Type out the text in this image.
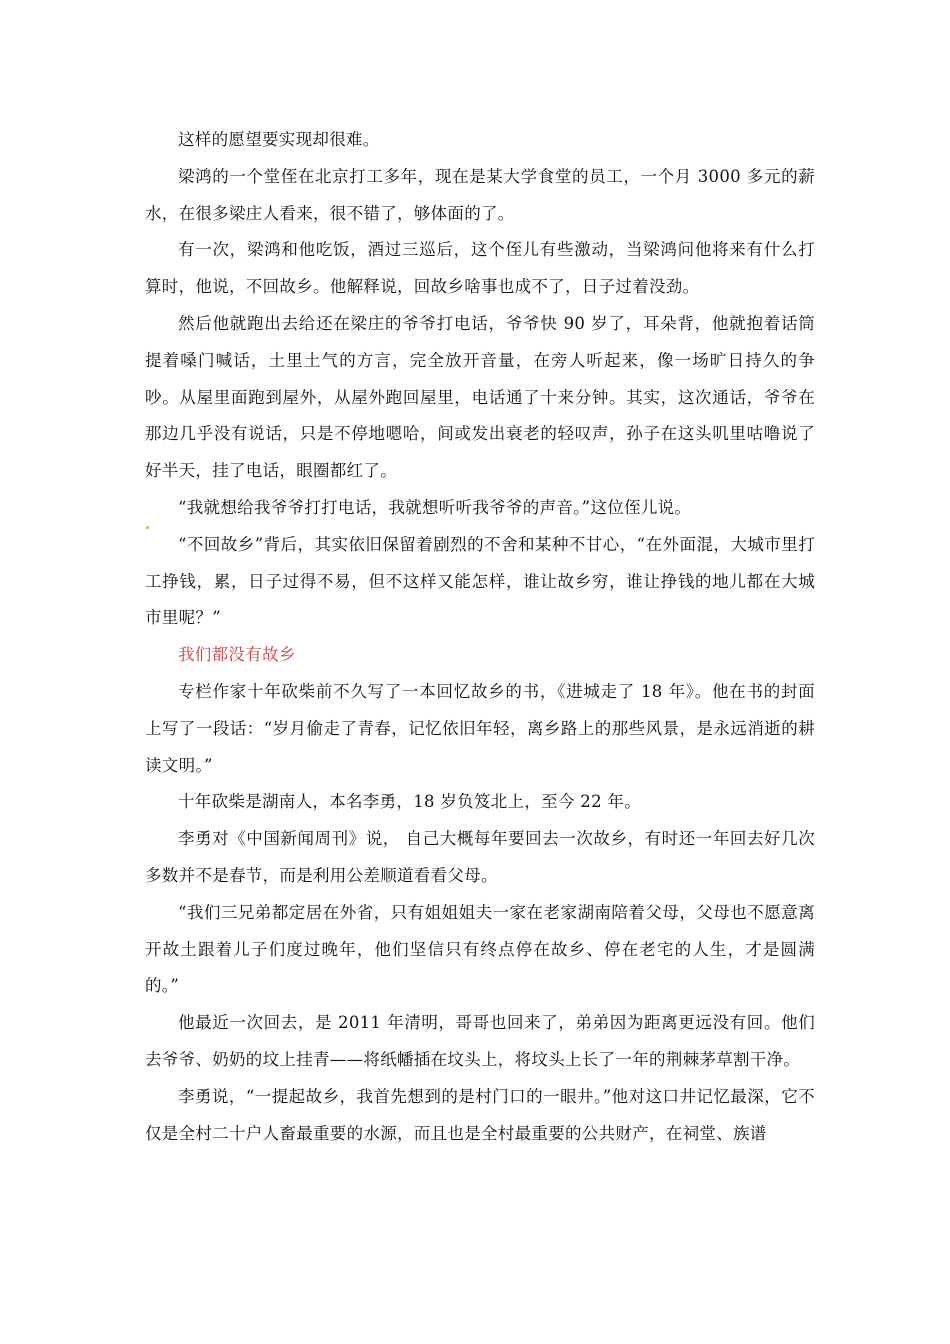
这样的愿望要实现却很难。

梁鸿的一个堂侄在北京打工多年，现在是某大学食堂的员工，一个月 3000 多元的薪水，在很多梁庄人看来，很不错了，够体面的了。

有一次，梁鸿和他吃饭，酒过三巡后，这个侄儿有些激动，当梁鸿问他将来有什么打算时，他说，不回故乡。他解释说，回故乡啥事也成不了，日子过着没劲。

然后他就跑出去给还在梁庄的爷爷打电话，爷爷快 90 岁了，耳朵背，他就抱着话筒提着嗓门喊话，土里土气的方言，完全放开音量，在旁人听起来，像一场旷日持久的争吵。从屋里面跑到屋外，从屋外跑回屋里，电话通了十来分钟。其实，这次通话，爷爷在那边几乎没有说话，只是不停地嗯哈，间或发出衰老的轻叹声，孙子在这头叽里咕噜说了好半天，挂了电话，眼圈都红了。

“我就想给我爷爷打打电话，我就想听听我爷爷的声音。”这位侄儿说。

“不回故乡”背后，其实依旧保留着剧烈的不舍和某种不甘心，“在外面混，大城市里打工挣钱，累，日子过得不易，但不这样又能怎样，谁让故乡穷，谁让挣钱的地儿都在大城市里呢？”

我们都没有故乡

专栏作家十年砍柴前不久写了一本回忆故乡的书，《进城走了 18 年》。他在书的封面上写了一段话：“岁月偷走了青春，记忆依旧年轻，离乡路上的那些风景，是永远消逝的耕读文明。”

十年砍柴是湖南人，本名李勇，18 岁负笈北上，至今 22 年。

李勇对《中国新闻周刊》说， 自己大概每年要回去一次故乡，有时还一年回去好几次多数并不是春节，而是利用公差顺道看看父母。

“我们三兄弟都定居在外省，只有姐姐姐夫一家在老家湖南陪着父母，父母也不愿意离开故土跟着儿子们度过晚年，他们坚信只有终点停在故乡、停在老宅的人生，才是圆满的。”

他最近一次回去，是 2011 年清明，哥哥也回来了，弟弟因为距离更远没有回。他们去爷爷、奶奶的坟上挂青——将纸幡插在坟头上，将坟头上长了一年的荆棘茅草割干净。

李勇说，“一提起故乡，我首先想到的是村门口的一眼井。”他对这口井记忆最深，它不仅是全村二十户人畜最重要的水源，而且也是全村最重要的公共财产，在祠堂、族谱
